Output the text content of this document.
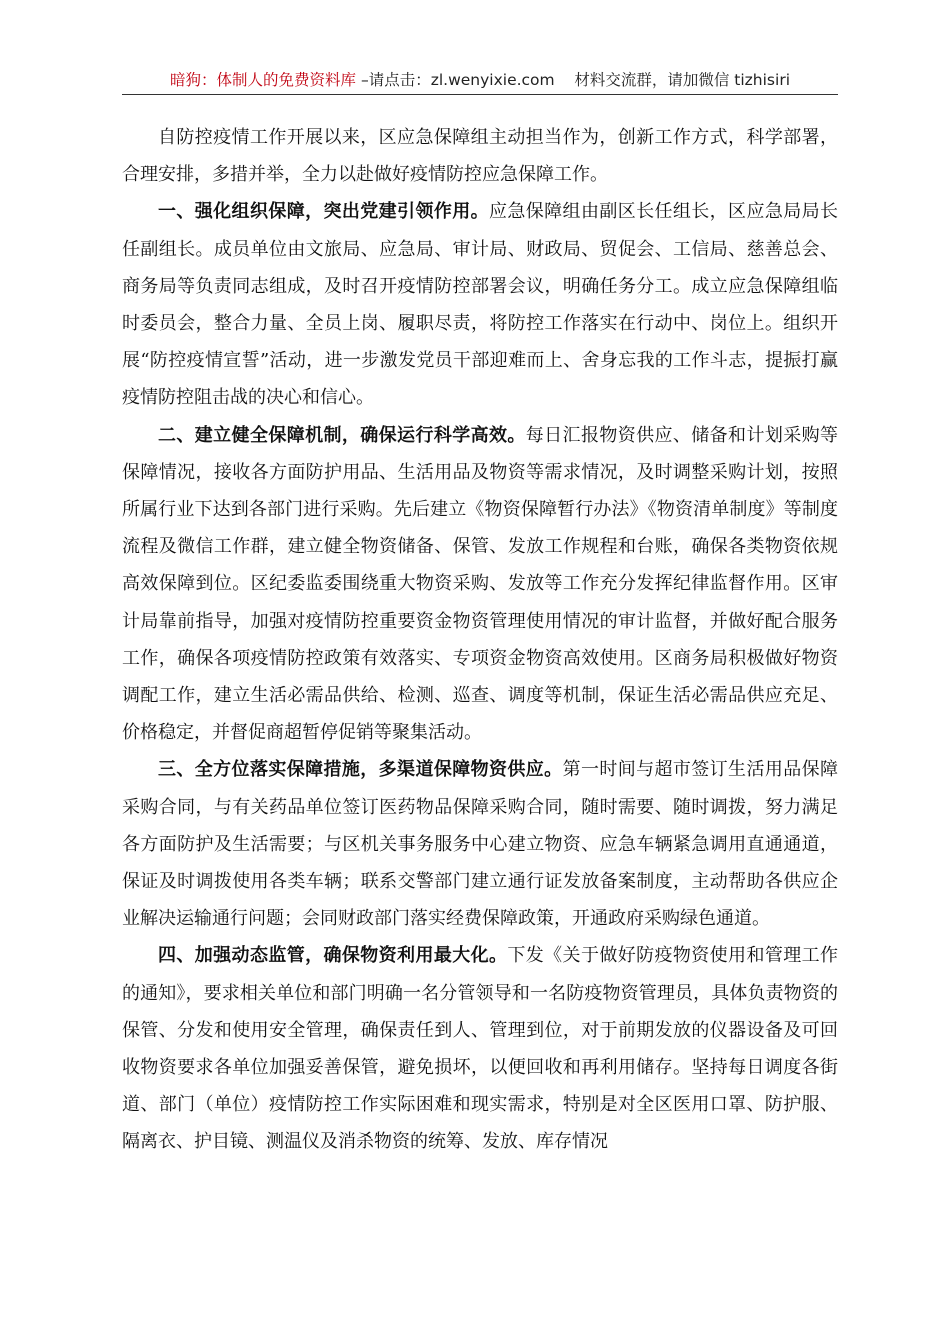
暗狗：体制人的免费资料库 –请点击：zl.wenyixie.com 材料交流群，请加微信 tizhisiri

自防控疫情工作开展以来，区应急保障组主动担当作为，创新工作方式，科学部署，合理安排，多措并举，全力以赴做好疫情防控应急保障工作。

一、强化组织保障，突出党建引领作用。应急保障组由副区长任组长，区应急局局长任副组长。成员单位由文旅局、应急局、审计局、财政局、贸促会、工信局、慈善总会、商务局等负责同志组成，及时召开疫情防控部署会议，明确任务分工。成立应急保障组临时委员会，整合力量、全员上岗、履职尽责，将防控工作落实在行动中、岗位上。组织开展“防控疫情宣誓”活动，进一步激发党员干部迎难而上、舍身忘我的工作斗志，提振打赢疫情防控阻击战的决心和信心。

二、建立健全保障机制，确保运行科学高效。每日汇报物资供应、储备和计划采购等保障情况，接收各方面防护用品、生活用品及物资等需求情况，及时调整采购计划，按照所属行业下达到各部门进行采购。先后建立《物资保障暂行办法》《物资清单制度》等制度流程及微信工作群，建立健全物资储备、保管、发放工作规程和台账，确保各类物资依规高效保障到位。区纪委监委围绕重大物资采购、发放等工作充分发挥纪律监督作用。区审计局靠前指导，加强对疫情防控重要资金物资管理使用情况的审计监督，并做好配合服务工作，确保各项疫情防控政策有效落实、专项资金物资高效使用。区商务局积极做好物资调配工作，建立生活必需品供给、检测、巡查、调度等机制，保证生活必需品供应充足、价格稳定，并督促商超暂停促销等聚集活动。

三、全方位落实保障措施，多渠道保障物资供应。第一时间与超市签订生活用品保障采购合同，与有关药品单位签订医药物品保障采购合同，随时需要、随时调拨，努力满足各方面防护及生活需要；与区机关事务服务中心建立物资、应急车辆紧急调用直通通道，保证及时调拨使用各类车辆；联系交警部门建立通行证发放备案制度，主动帮助各供应企业解决运输通行问题；会同财政部门落实经费保障政策，开通政府采购绿色通道。

四、加强动态监管，确保物资利用最大化。下发《关于做好防疫物资使用和管理工作的通知》，要求相关单位和部门明确一名分管领导和一名防疫物资管理员，具体负责物资的保管、分发和使用安全管理，确保责任到人、管理到位，对于前期发放的仪器设备及可回收物资要求各单位加强妥善保管，避免损坏，以便回收和再利用储存。坚持每日调度各街道、部门（单位）疫情防控工作实际困难和现实需求，特别是对全区医用口罩、防护服、隔离衣、护目镜、测温仪及消杀物资的统筹、发放、库存情况
